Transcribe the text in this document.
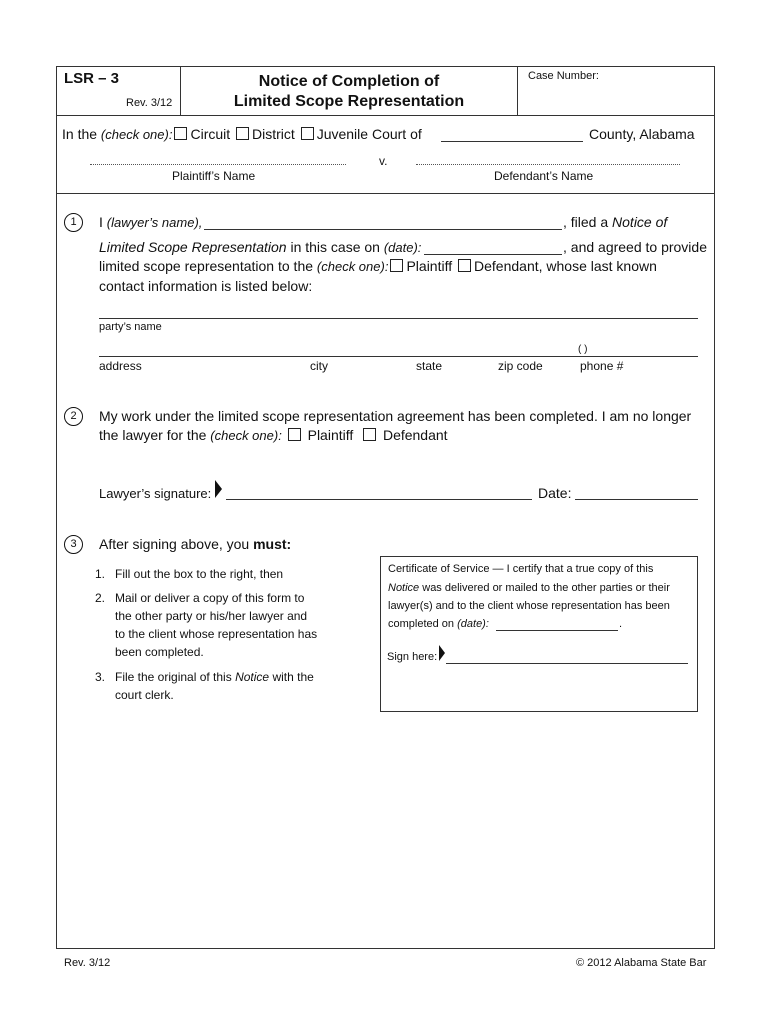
LSR – 3
Rev. 3/12
Notice of Completion of
Limited Scope Representation
Case Number:
In the (check one): Circuit District Juvenile Court of	County, Alabama
v.
Plaintiff’s Name	Defendant’s Name
1	I (lawyer’s name),	, filed a Notice of
Limited Scope Representation in this case on (date):	, and agreed to provide
limited scope representation to the (check one): Plaintiff Defendant, whose last known
contact information is listed below:
party’s name
( )
address	city	state	zip code	phone #
2	My work under the limited scope representation agreement has been completed. I am no longer
the lawyer for the (check one): Plaintiff Defendant
Lawyer’s signature:	Date:
3	After signing above, you must:
1. Fill out the box to the right, then
2. Mail or deliver a copy of this form to
the other party or his/her lawyer and
to the client whose representation has
been completed.
3. File the original of this Notice with the
court clerk.
Certificate of Service — I certify that a true copy of this
Notice was delivered or mailed to the other parties or their
lawyer(s) and to the client whose representation has been
completed on (date):	.
Sign here:
Rev. 3/12	© 2012 Alabama State Bar
